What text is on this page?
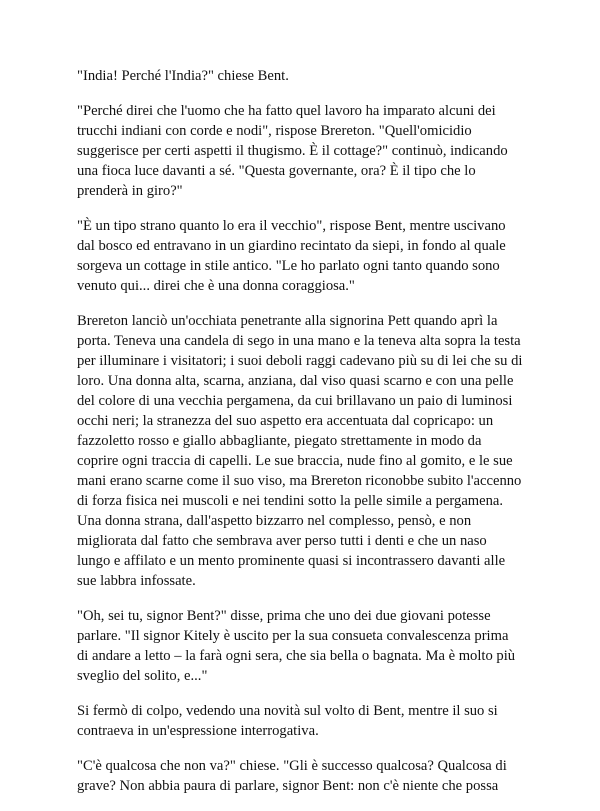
"India! Perché l'India?" chiese Bent.

"Perché direi che l'uomo che ha fatto quel lavoro ha imparato alcuni dei
trucchi indiani con corde e nodi", rispose Brereton. "Quell'omicidio
suggerisce per certi aspetti il thugismo. È il cottage?" continuò, indicando
una fioca luce davanti a sé. "Questa governante, ora? È il tipo che lo
prenderà in giro?"

"È un tipo strano quanto lo era il vecchio", rispose Bent, mentre uscivano
dal bosco ed entravano in un giardino recintato da siepi, in fondo al quale
sorgeva un cottage in stile antico. "Le ho parlato ogni tanto quando sono
venuto qui... direi che è una donna coraggiosa."

Brereton lanciò un'occhiata penetrante alla signorina Pett quando aprì la
porta. Teneva una candela di sego in una mano e la teneva alta sopra la testa
per illuminare i visitatori; i suoi deboli raggi cadevano più su di lei che su di
loro. Una donna alta, scarna, anziana, dal viso quasi scarno e con una pelle
del colore di una vecchia pergamena, da cui brillavano un paio di luminosi
occhi neri; la stranezza del suo aspetto era accentuata dal copricapo: un
fazzoletto rosso e giallo abbagliante, piegato strettamente in modo da
coprire ogni traccia di capelli. Le sue braccia, nude fino al gomito, e le sue
mani erano scarne come il suo viso, ma Brereton riconobbe subito l'accenno
di forza fisica nei muscoli e nei tendini sotto la pelle simile a pergamena.
Una donna strana, dall'aspetto bizzarro nel complesso, pensò, e non
migliorata dal fatto che sembrava aver perso tutti i denti e che un naso
lungo e affilato e un mento prominente quasi si incontrassero davanti alle
sue labbra infossate.

"Oh, sei tu, signor Bent?" disse, prima che uno dei due giovani potesse
parlare. "Il signor Kitely è uscito per la sua consueta convalescenza prima
di andare a letto – la farà ogni sera, che sia bella o bagnata. Ma è molto più
sveglio del solito, e..."

Si fermò di colpo, vedendo una novità sul volto di Bent, mentre il suo si
contraeva in un'espressione interrogativa.

"C'è qualcosa che non va?" chiese. "Gli è successo qualcosa? Qualcosa di
grave? Non abbia paura di parlare, signor Bent: non c'è niente che possa
